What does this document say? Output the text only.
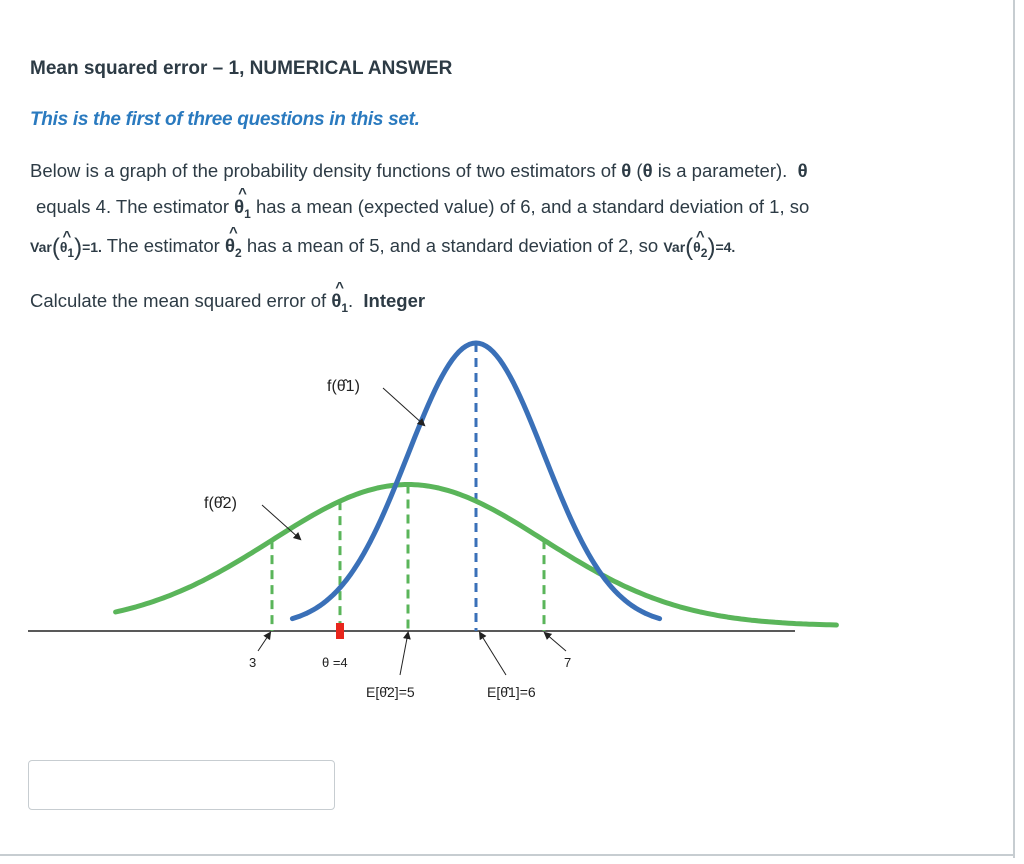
Mean squared error – 1, NUMERICAL ANSWER
This is the first of three questions in this set.
Below is a graph of the probability density functions of two estimators of θ (θ is a parameter). θ
equals 4. The estimator
^
$\theta_1$ has a mean (expected value) of 6, and a standard deviation of 1, so
Var( ^
θ1)=1. The estimator
^
$\theta_2$ has a mean of 5, and a standard deviation of 2, so Var( ^
θ2)=4.
Calculate the mean squared error of
^
$\theta_1$. Integer
f(θ̂1)
f(θ̂2)
3	θ =4	7
E[θ̂2]=5	E[θ̂1]=6
